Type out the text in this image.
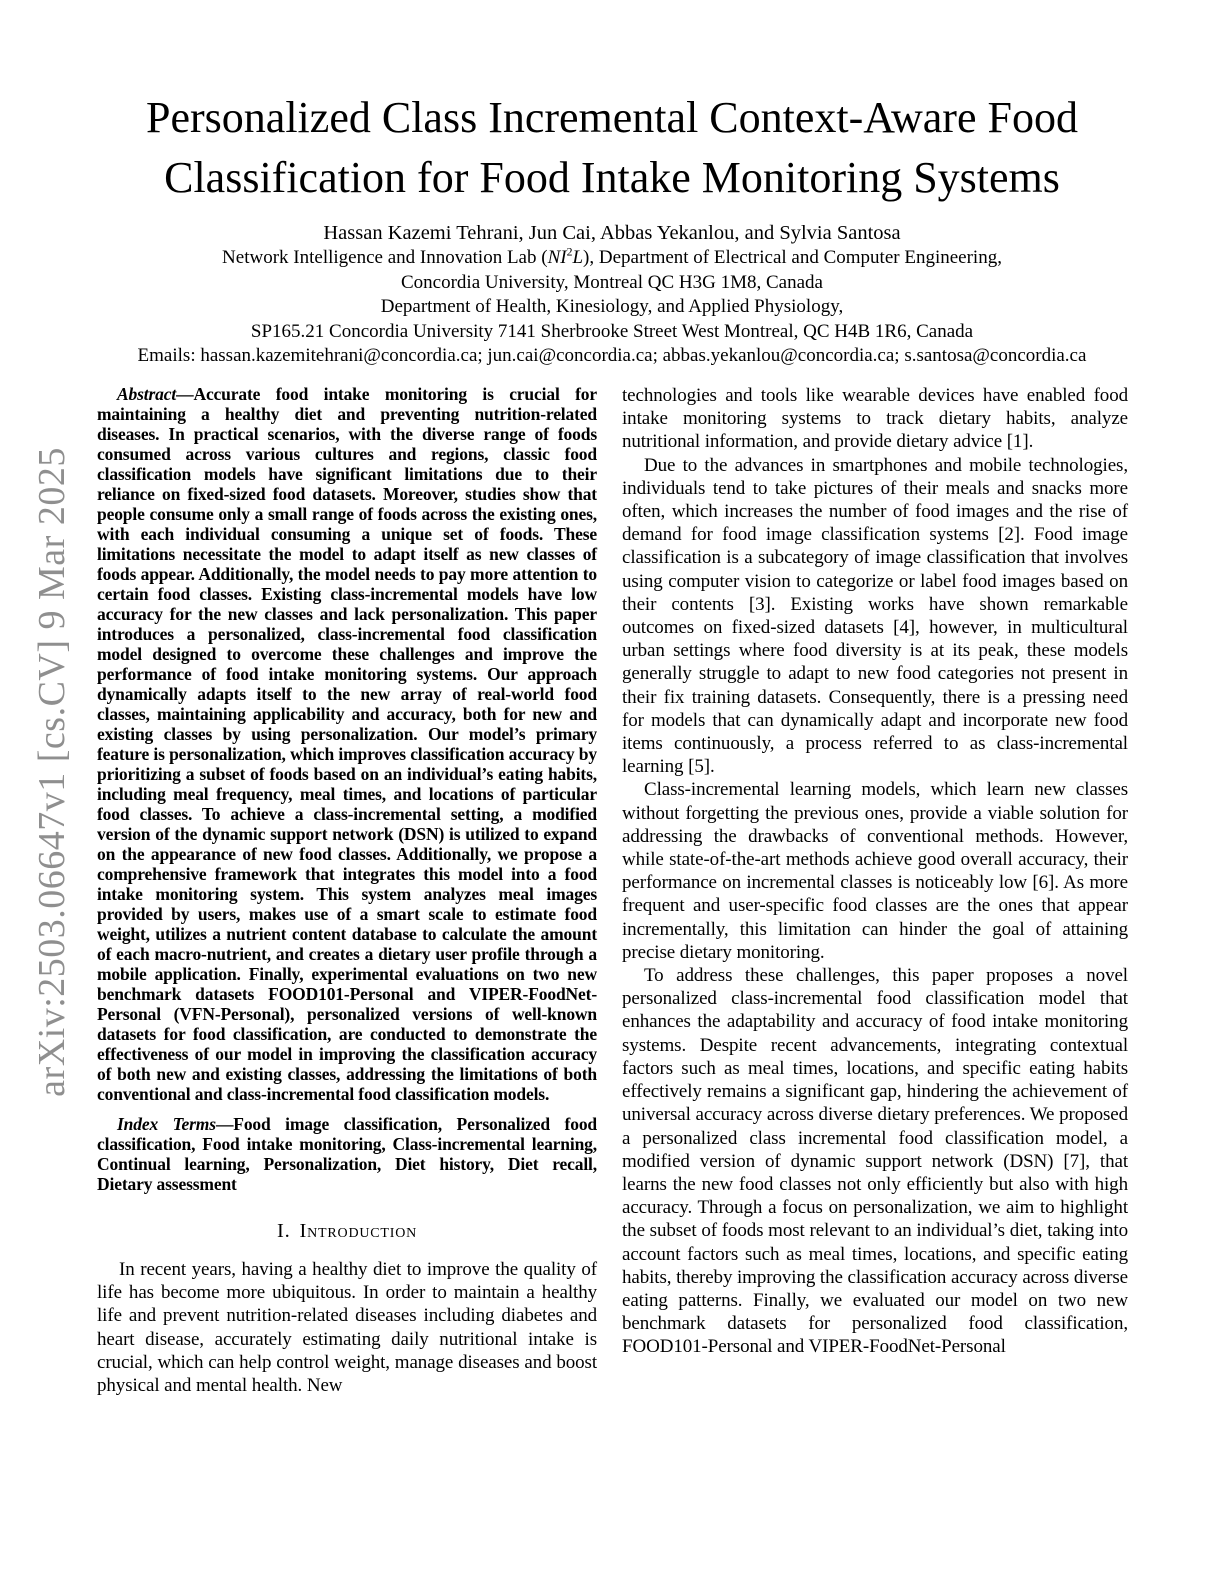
arXiv:2503.06647v1 [cs.CV] 9 Mar 2025
Personalized Class Incremental Context-Aware Food Classification for Food Intake Monitoring Systems
Hassan Kazemi Tehrani, Jun Cai, Abbas Yekanlou, and Sylvia Santosa
Network Intelligence and Innovation Lab $(NI^2L)$, Department of Electrical and Computer Engineering,
Concordia University, Montreal QC H3G 1M8, Canada
Department of Health, Kinesiology, and Applied Physiology,
SP165.21 Concordia University 7141 Sherbrooke Street West Montreal, QC H4B 1R6, Canada
Emails: hassan.kazemitehrani@concordia.ca; jun.cai@concordia.ca; abbas.yekanlou@concordia.ca; s.santosa@concordia.ca

Abstract—Accurate food intake monitoring is crucial for maintaining a healthy diet and preventing nutrition-related diseases. In practical scenarios, with the diverse range of foods consumed across various cultures and regions, classic food classification models have significant limitations due to their reliance on fixed-sized food datasets. Moreover, studies show that people consume only a small range of foods across the existing ones, with each individual consuming a unique set of foods. These limitations necessitate the model to adapt itself as new classes of foods appear. Additionally, the model needs to pay more attention to certain food classes. Existing class-incremental models have low accuracy for the new classes and lack personalization. This paper introduces a personalized, class-incremental food classification model designed to overcome these challenges and improve the performance of food intake monitoring systems. Our approach dynamically adapts itself to the new array of real-world food classes, maintaining applicability and accuracy, both for new and existing classes by using personalization. Our model’s primary feature is personalization, which improves classification accuracy by prioritizing a subset of foods based on an individual’s eating habits, including meal frequency, meal times, and locations of particular food classes. To achieve a class-incremental setting, a modified version of the dynamic support network (DSN) is utilized to expand on the appearance of new food classes. Additionally, we propose a comprehensive framework that integrates this model into a food intake monitoring system. This system analyzes meal images provided by users, makes use of a smart scale to estimate food weight, utilizes a nutrient content database to calculate the amount of each macro-nutrient, and creates a dietary user profile through a mobile application. Finally, experimental evaluations on two new benchmark datasets FOOD101-Personal and VIPER-FoodNet-Personal (VFN-Personal), personalized versions of well-known datasets for food classification, are conducted to demonstrate the effectiveness of our model in improving the classification accuracy of both new and existing classes, addressing the limitations of both conventional and class-incremental food classification models.

Index Terms—Food image classification, Personalized food classification, Food intake monitoring, Class-incremental learning, Continual learning, Personalization, Diet history, Diet recall, Dietary assessment

I. Introduction

In recent years, having a healthy diet to improve the quality of life has become more ubiquitous. In order to maintain a healthy life and prevent nutrition-related diseases including diabetes and heart disease, accurately estimating daily nutritional intake is crucial, which can help control weight, manage diseases and boost physical and mental health. New

technologies and tools like wearable devices have enabled food intake monitoring systems to track dietary habits, analyze nutritional information, and provide dietary advice [1].

Due to the advances in smartphones and mobile technologies, individuals tend to take pictures of their meals and snacks more often, which increases the number of food images and the rise of demand for food image classification systems [2]. Food image classification is a subcategory of image classification that involves using computer vision to categorize or label food images based on their contents [3]. Existing works have shown remarkable outcomes on fixed-sized datasets [4], however, in multicultural urban settings where food diversity is at its peak, these models generally struggle to adapt to new food categories not present in their fix training datasets. Consequently, there is a pressing need for models that can dynamically adapt and incorporate new food items continuously, a process referred to as class-incremental learning [5].

Class-incremental learning models, which learn new classes without forgetting the previous ones, provide a viable solution for addressing the drawbacks of conventional methods. However, while state-of-the-art methods achieve good overall accuracy, their performance on incremental classes is noticeably low [6]. As more frequent and user-specific food classes are the ones that appear incrementally, this limitation can hinder the goal of attaining precise dietary monitoring.

To address these challenges, this paper proposes a novel personalized class-incremental food classification model that enhances the adaptability and accuracy of food intake monitoring systems. Despite recent advancements, integrating contextual factors such as meal times, locations, and specific eating habits effectively remains a significant gap, hindering the achievement of universal accuracy across diverse dietary preferences. We proposed a personalized class incremental food classification model, a modified version of dynamic support network (DSN) [7], that learns the new food classes not only efficiently but also with high accuracy. Through a focus on personalization, we aim to highlight the subset of foods most relevant to an individual’s diet, taking into account factors such as meal times, locations, and specific eating habits, thereby improving the classification accuracy across diverse eating patterns. Finally, we evaluated our model on two new benchmark datasets for personalized food classification, FOOD101-Personal and VIPER-FoodNet-Personal
